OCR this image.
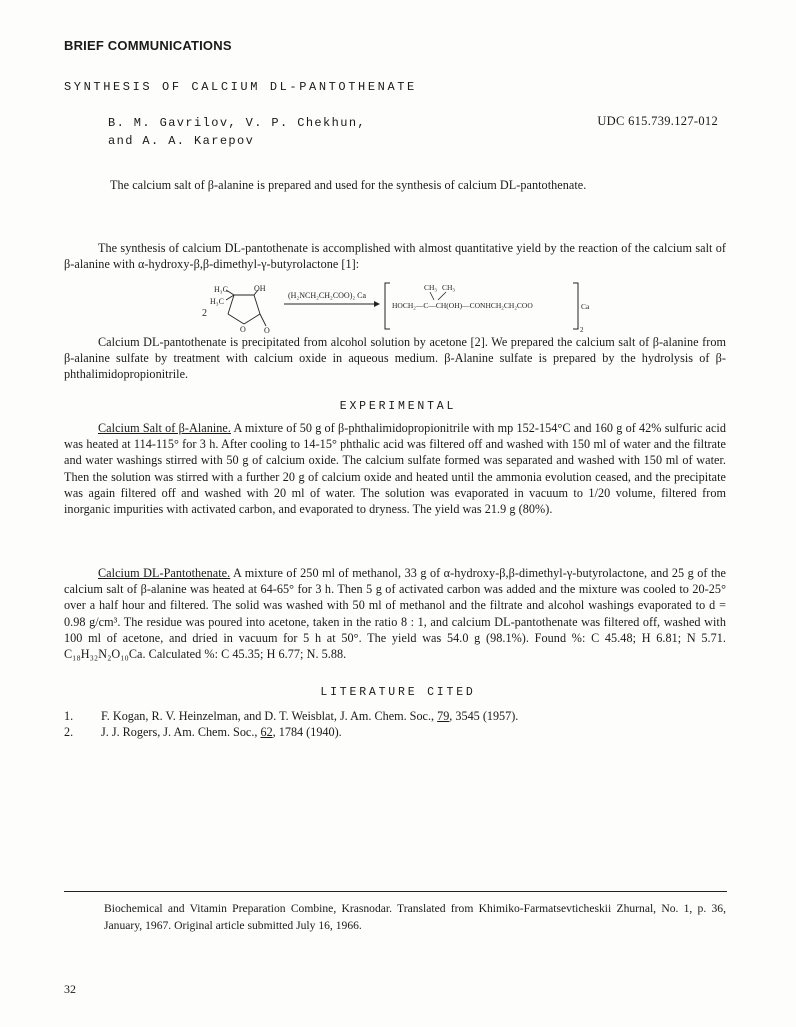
BRIEF COMMUNICATIONS
SYNTHESIS OF CALCIUM DL-PANTOTHENATE
B. M. Gavrilov, V. P. Chekhun,
and A. A. Karepov
UDC 615.739.127-012

The calcium salt of β-alanine is prepared and used for the synthesis of calcium DL-pantothenate.

The synthesis of calcium DL-pantothenate is accomplished with almost quantitative yield by the reaction of the calcium salt of β-alanine with α-hydroxy-β,β-dimethyl-γ-butyrolactone [1]:

2
H₃C
H₃C
OH
O O
(H₂NCH₂CH₂COO)₂ Ca
CH₃ CH₃
HOCH₂—C—CH(OH)—CONHCH₂CH₂COO	Ca
2

Calcium DL-pantothenate is precipitated from alcohol solution by acetone [2]. We prepared the calcium salt of β-alanine from β-alanine sulfate by treatment with calcium oxide in aqueous medium. β-Alanine sulfate is prepared by the hydrolysis of β-phthalimidopropionitrile.

EXPERIMENTAL

Calcium Salt of β-Alanine. A mixture of 50 g of β-phthalimidopropionitrile with mp 152-154°C and 160 g of 42% sulfuric acid was heated at 114-115° for 3 h. After cooling to 14-15° phthalic acid was filtered off and washed with 150 ml of water and the filtrate and water washings stirred with 50 g of calcium oxide. The calcium sulfate formed was separated and washed with 150 ml of water. Then the solution was stirred with a further 20 g of calcium oxide and heated until the ammonia evolution ceased, and the precipitate was again filtered off and washed with 20 ml of water. The solution was evaporated in vacuum to 1/20 volume, filtered from inorganic impurities with activated carbon, and evaporated to dryness. The yield was 21.9 g (80%).

Calcium DL-Pantothenate. A mixture of 250 ml of methanol, 33 g of α-hydroxy-β,β-dimethyl-γ-butyrolactone, and 25 g of the calcium salt of β-alanine was heated at 64-65° for 3 h. Then 5 g of activated carbon was added and the mixture was cooled to 20-25° over a half hour and filtered. The solid was washed with 50 ml of methanol and the filtrate and alcohol washings evaporated to d = 0.98 g/cm³. The residue was poured into acetone, taken in the ratio 8 : 1, and calcium DL-pantothenate was filtered off, washed with 100 ml of acetone, and dried in vacuum for 5 h at 50°. The yield was 54.0 g (98.1%). Found %: C 45.48; H 6.81; N 5.71. C₁₈H₃₂N₂O₁₀Ca. Calculated %: C 45.35; H 6.77; N. 5.88.

LITERATURE CITED
1.	F. Kogan, R. V. Heinzelman, and D. T. Weisblat, J. Am. Chem. Soc., 79, 3545 (1957).
2.	J. J. Rogers, J. Am. Chem. Soc., 62, 1784 (1940).
Biochemical and Vitamin Preparation Combine, Krasnodar. Translated from Khimiko-Farmatsevticheskii Zhurnal, No. 1, p. 36, January, 1967. Original article submitted July 16, 1966.
32
